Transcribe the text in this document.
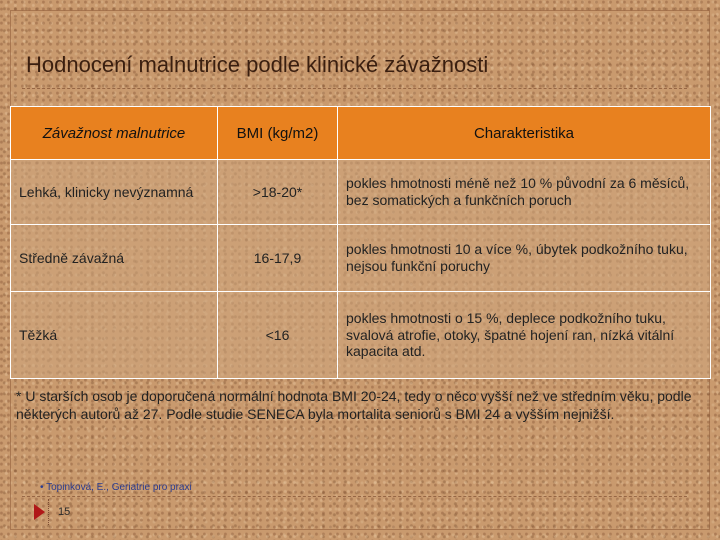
Hodnocení malnutrice podle klinické závažnosti
Závažnost malnutrice	BMI (kg/m2)	Charakteristika
Lehká, klinicky nevýznamná	>18-20*	pokles hmotnosti méně než 10 % původní za 6 měsíců, bez somatických a funkčních poruch
Středně závažná	16-17,9	pokles hmotnosti 10 a více %, úbytek podkožního tuku, nejsou funkční poruchy
Těžká	<16	pokles hmotnosti o 15 %, deplece podkožního tuku, svalová atrofie, otoky, špatné hojení ran, nízká vitální kapacita atd.

* U starších osob je doporučená normální hodnota BMI 20-24, tedy o něco vyšší než ve středním věku, podle některých autorů až 27. Podle studie SENECA byla mortalita seniorů s BMI 24 a vyšším nejnižší.

• Topinková, E., Geriatrie pro praxi

15
